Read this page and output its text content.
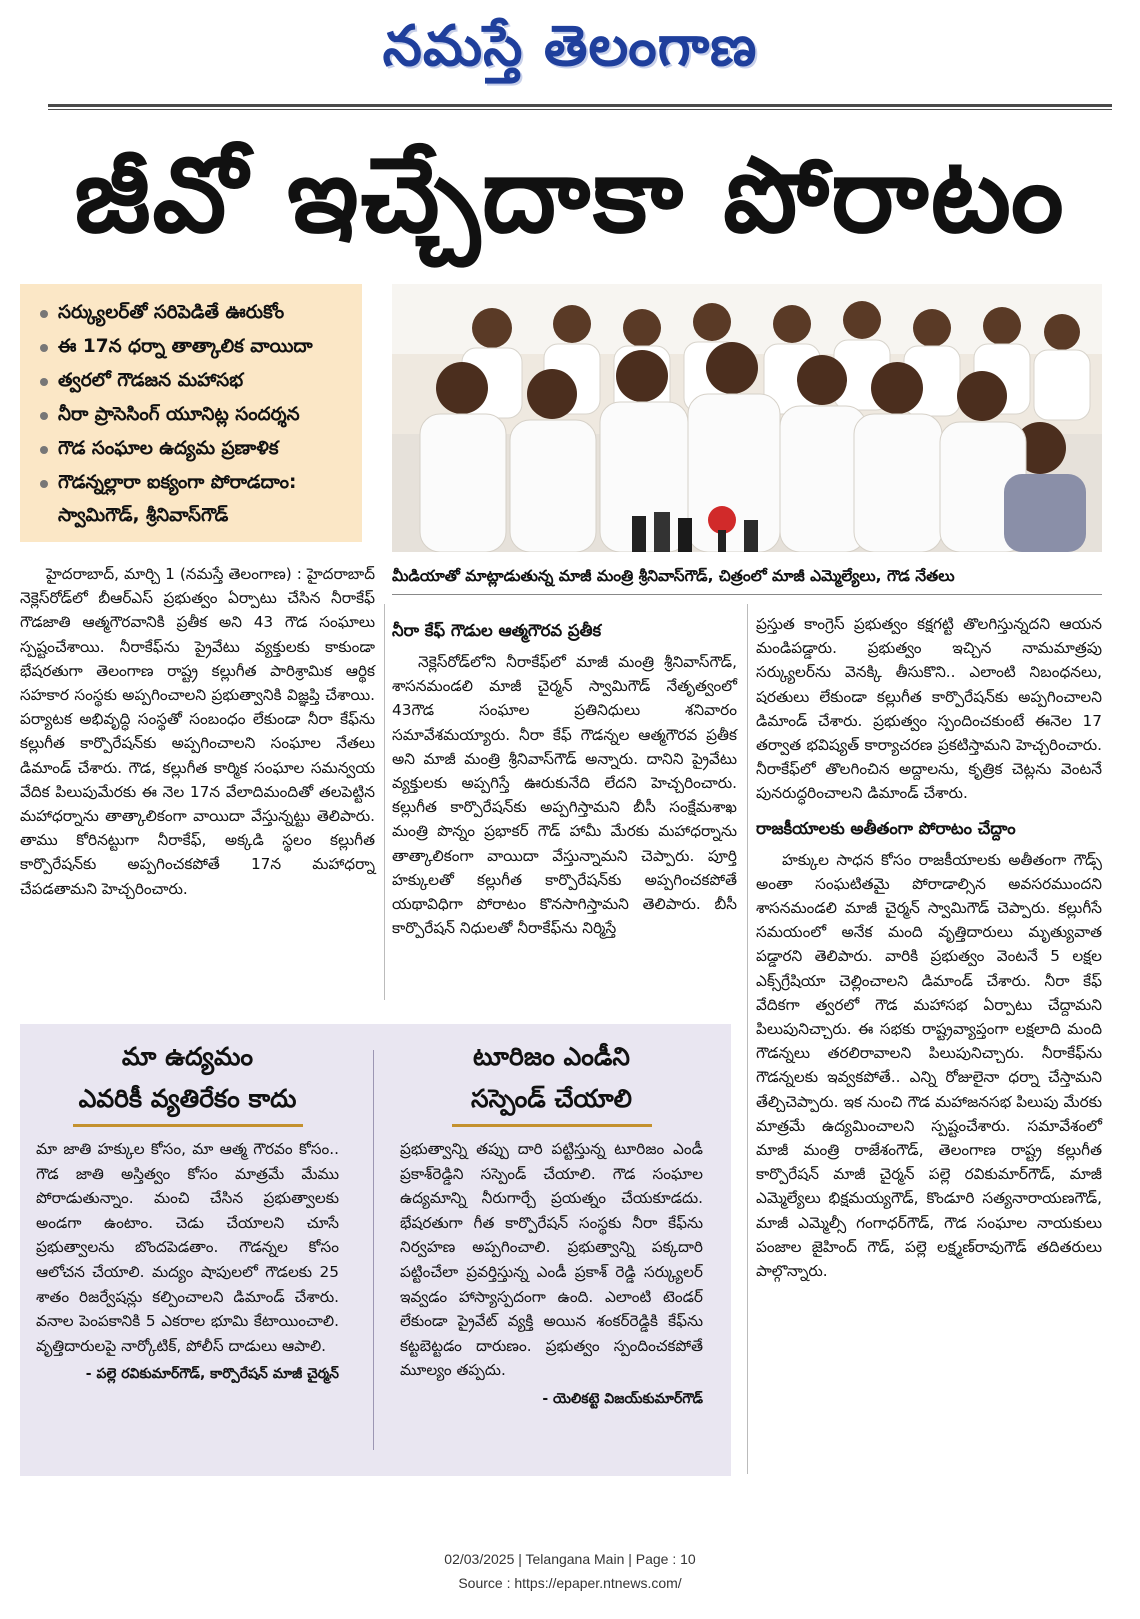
నమస్తే తెలంగాణ
జీవో ఇచ్చేదాకా పోరాటం
సర్క్యులర్‌తో సరిపెడితే ఊరుకోం
ఈ 17న ధర్నా తాత్కాలిక వాయిదా
త్వరలో గౌడజన మహాసభ
నీరా ప్రాసెసింగ్ యూనిట్ల సందర్శన
గౌడ సంఘాల ఉద్యమ ప్రణాళిక
గౌడన్నల్లారా ఐక్యంగా పోరాడదాం:
స్వామిగౌడ్, శ్రీనివాస్‌గౌడ్
మీడియాతో మాట్లాడుతున్న మాజీ మంత్రి శ్రీనివాస్‌గౌడ్, చిత్రంలో మాజీ ఎమ్మెల్యేలు, గౌడ నేతలు

హైదరాబాద్, మార్చి 1 (నమస్తే తెలంగాణ) : హైదరాబాద్ నెక్లెస్‌రోడ్‌లో బీఆర్‌ఎస్ ప్రభుత్వం ఏర్పాటు చేసిన నీరాకేఫ్ గౌడజాతి ఆత్మగౌరవానికి ప్రతీక అని 43 గౌడ సంఘాలు స్పష్టంచేశాయి. నీరాకేఫ్‌ను ప్రైవేటు వ్యక్తులకు కాకుండా భేషరతుగా తెలంగాణ రాష్ట్ర కల్లుగీత పారిశ్రామిక ఆర్థిక సహకార సంస్థకు అప్పగించాలని ప్రభుత్వానికి విజ్ఞప్తి చేశాయి. పర్యాటక అభివృద్ధి సంస్థతో సంబంధం లేకుండా నీరా కేఫ్‌ను కల్లుగీత కార్పొరేషన్‌కు అప్పగించాలని సంఘాల నేతలు డిమాండ్ చేశారు. గౌడ, కల్లుగీత కార్మిక సంఘాల సమన్వయ వేదిక పిలుపుమేరకు ఈ నెల 17న వేలాదిమందితో తలపెట్టిన మహాధర్నాను తాత్కాలికంగా వాయిదా వేస్తున్నట్టు తెలిపారు. తాము కోరినట్టుగా నీరాకేఫ్, అక్కడి స్థలం కల్లుగీత కార్పొరేషన్‌కు అప్పగించకపోతే 17న మహాధర్నా చేపడతామని హెచ్చరించారు.

నీరా కేఫ్ గౌడుల ఆత్మగౌరవ ప్రతీక

నెక్లెస్‌రోడ్‌లోని నీరాకేఫ్‌లో మాజీ మంత్రి శ్రీనివాస్‌గౌడ్, శాసనమండలి మాజీ చైర్మన్ స్వామిగౌడ్ నేతృత్వంలో 43గౌడ సంఘాల ప్రతినిధులు శనివారం సమావేశమయ్యారు. నీరా కేఫ్ గౌడన్నల ఆత్మగౌరవ ప్రతీక అని మాజీ మంత్రి శ్రీనివాస్‌గౌడ్ అన్నారు. దానిని ప్రైవేటు వ్యక్తులకు అప్పగిస్తే ఊరుకునేది లేదని హెచ్చరించారు. కల్లుగీత కార్పొరేషన్‌కు అప్పగిస్తామని బీసీ సంక్షేమశాఖ మంత్రి పొన్నం ప్రభాకర్ గౌడ్ హామీ మేరకు మహాధర్నాను తాత్కాలికంగా వాయిదా వేస్తున్నామని చెప్పారు. పూర్తి హక్కులతో కల్లుగీత కార్పొరేషన్‌కు అప్పగించకపోతే యథావిధిగా పోరాటం కొనసాగిస్తామని తెలిపారు. బీసీ కార్పొరేషన్ నిధులతో నీరాకేఫ్‌ను నిర్మిస్తే

ప్రస్తుత కాంగ్రెస్ ప్రభుత్వం కక్షగట్టి తొలగిస్తున్నదని ఆయన మండిపడ్డారు. ప్రభుత్వం ఇచ్చిన నామమాత్రపు సర్క్యులర్‌ను వెనక్కి తీసుకొని.. ఎలాంటి నిబంధనలు, షరతులు లేకుండా కల్లుగీత కార్పొరేషన్‌కు అప్పగించాలని డిమాండ్ చేశారు. ప్రభుత్వం స్పందించకుంటే ఈనెల 17 తర్వాత భవిష్యత్ కార్యాచరణ ప్రకటిస్తామని హెచ్చరించారు. నీరాకేఫ్‌లో తొలగించిన అద్దాలను, కృత్రిక చెట్లను వెంటనే పునరుద్ధరించాలని డిమాండ్ చేశారు.

రాజకీయాలకు అతీతంగా పోరాటం చేద్దాం

హక్కుల సాధన కోసం రాజకీయాలకు అతీతంగా గౌడ్స్ అంతా సంఘటితమై పోరాడాల్సిన అవసరముందని శాసనమండలి మాజీ చైర్మన్ స్వామిగౌడ్ చెప్పారు. కల్లుగీసే సమయంలో అనేక మంది వృత్తిదారులు మృత్యువాత పడ్డారని తెలిపారు. వారికి ప్రభుత్వం వెంటనే 5 లక్షల ఎక్స్‌గ్రేషియా చెల్లించాలని డిమాండ్ చేశారు. నీరా కేఫ్ వేదికగా త్వరలో గౌడ మహాసభ ఏర్పాటు చేద్దామని పిలుపునిచ్చారు. ఈ సభకు రాష్ట్రవ్యాప్తంగా లక్షలాది మంది గౌడన్నలు తరలిరావాలని పిలుపునిచ్చారు. నీరాకేఫ్‌ను గౌడన్నలకు ఇవ్వకపోతే.. ఎన్ని రోజులైనా ధర్నా చేస్తామని తేల్చిచెప్పారు. ఇక నుంచి గౌడ మహాజనసభ పిలుపు మేరకు మాత్రమే ఉద్యమించాలని స్పష్టంచేశారు. సమావేశంలో మాజీ మంత్రి రాజేశంగౌడ్, తెలంగాణ రాష్ట్ర కల్లుగీత కార్పొరేషన్ మాజీ చైర్మన్ పల్లె రవికుమార్‌గౌడ్, మాజీ ఎమ్మెల్యేలు భిక్షమయ్యగౌడ్, కొండూరి సత్యనారాయణగౌడ్, మాజీ ఎమ్మెల్సీ గంగాధర్‌గౌడ్, గౌడ సంఘాల నాయకులు పంజాల జైహింద్ గౌడ్, పల్లె లక్ష్మణ్‌రావుగౌడ్ తదితరులు పాల్గొన్నారు.

మా ఉద్యమం
ఎవరికీ వ్యతిరేకం కాదు
మా జాతి హక్కుల కోసం, మా ఆత్మ గౌరవం కోసం.. గౌడ జాతి అస్తిత్వం కోసం మాత్రమే మేము పోరాడుతున్నాం. మంచి చేసిన ప్రభుత్వాలకు అండగా ఉంటాం. చెడు చేయాలని చూసే ప్రభుత్వాలను బొందపెడతాం. గౌడన్నల కోసం ఆలోచన చేయాలి. మద్యం షాపులలో గౌడలకు 25 శాతం రిజర్వేషన్లు కల్పించాలని డిమాండ్ చేశారు. వనాల పెంపకానికి 5 ఎకరాల భూమి కేటాయించాలి. వృత్తిదారులపై నార్కోటిక్, పోలీస్ దాడులు ఆపాలి.
- పల్లె రవికుమార్‌గౌడ్, కార్పొరేషన్ మాజీ చైర్మన్
టూరిజం ఎండీని
సస్పెండ్ చేయాలి
ప్రభుత్వాన్ని తప్పు దారి పట్టిస్తున్న టూరిజం ఎండీ ప్రకాశ్‌రెడ్డిని సస్పెండ్ చేయాలి. గౌడ సంఘాల ఉద్యమాన్ని నీరుగార్చే ప్రయత్నం చేయకూడదు. భేషరతుగా గీత కార్పొరేషన్ సంస్థకు నీరా కేఫ్‌ను నిర్వహణ అప్పగించాలి. ప్రభుత్వాన్ని పక్కదారి పట్టించేలా ప్రవర్తిస్తున్న ఎండీ ప్రకాశ్ రెడ్డి సర్క్యులర్ ఇవ్వడం హాస్యాస్పదంగా ఉంది. ఎలాంటి టెండర్ లేకుండా ప్రైవేట్ వ్యక్తి అయిన శంకర్‌రెడ్డికి కేఫ్‌ను కట్టబెట్టడం దారుణం. ప్రభుత్వం స్పందించకపోతే మూల్యం తప్పదు.
- యెలికట్టె విజయ్‌కుమార్‌గౌడ్
02/03/2025 | Telangana Main | Page : 10
Source : https://epaper.ntnews.com/
